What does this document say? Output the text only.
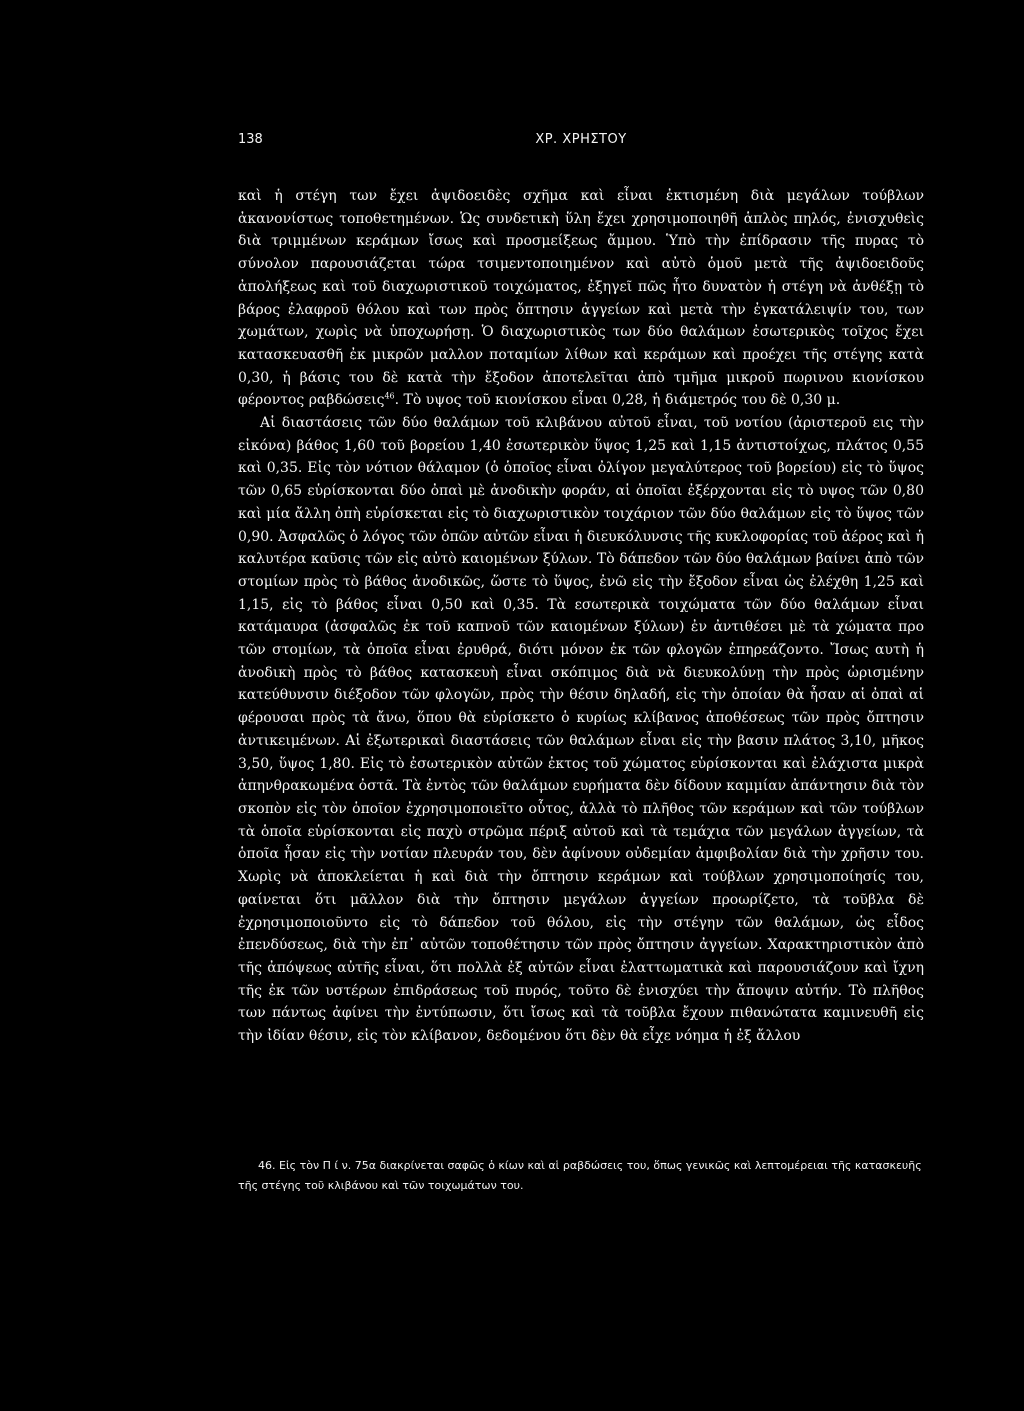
138	ΧΡ. ΧΡΗΣΤΟΥ

καὶ ἡ στέγη των ἔχει ἀψιδοειδὲς σχῆμα καὶ εἶναι ἐκτισμένη διὰ μεγάλων τούβλων ἀκανονίστως τοποθετημένων. Ὡς συνδετικὴ ὕλη ἔχει χρησιμοποιηθῆ ἁπλὸς πηλός, ἐνισχυθεὶς διὰ τριμμένων κεράμων ἴσως καὶ προσμείξεως ἄμμου. Ὑπὸ τὴν ἐπίδρασιν τῆς πυρας τὸ σύνολον παρουσιάζεται τώρα τσιμεντοποιημένον καὶ αὐτὸ ὁμοῦ μετὰ τῆς ἀψιδοειδοῦς ἀπολήξεως καὶ τοῦ διαχωριστικοῦ τοιχώματος, ἐξηγεῖ πῶς ἦτο δυνατὸν ἡ στέγη νὰ ἀνθέξῃ τὸ βάρος ἐλαφροῦ θόλου καὶ των πρὸς ὄπτησιν ἀγγείων καὶ μετὰ τὴν ἐγκατάλειψίν του, των χωμάτων, χωρὶς νὰ ὑποχωρήσῃ. Ὁ διαχωριστικὸς των δύο θαλάμων ἐσωτερικὸς τοῖχος ἔχει κατασκευασθῆ ἐκ μικρῶν μαλλον ποταμίων λίθων καὶ κεράμων καὶ προέχει τῆς στέγης κατὰ 0,30, ἡ βάσις του δὲ κατὰ τὴν ἔξοδον ἀποτελεῖται ἀπὸ τμῆμα μικροῦ πωρινου κιονίσκου φέροντος ραβδώσεις$^{46}$. Τὸ υψος τοῦ κιονίσκου εἶναι 0,28, ἡ διάμετρός του δὲ 0,30 μ.

Αἱ διαστάσεις τῶν δύο θαλάμων τοῦ κλιβάνου αὐτοῦ εἶναι, τοῦ νοτίου (ἀριστεροῦ εις τὴν εἰκόνα) βάθος 1,60 τοῦ βορείου 1,40 ἐσωτερικὸν ὕψος 1,25 καὶ 1,15 ἀντιστοίχως, πλάτος 0,55 καὶ 0,35. Εἰς τὸν νότιον θάλαμον (ὁ ὁποῖος εἶναι ὀλίγον μεγαλύτερος τοῦ βορείου) εἰς τὸ ὕψος τῶν 0,65 εὑρίσκονται δύο ὀπαὶ μὲ ἀνοδικὴν φοράν, αἱ ὁποῖαι ἐξέρχονται εἰς τὸ υψος τῶν 0,80 καὶ μία ἄλλη ὀπὴ εὑρίσκεται εἰς τὸ διαχωριστικὸν τοιχάριον τῶν δύο θαλάμων εἰς τὸ ὕψος τῶν 0,90. Ἀσφαλῶς ὁ λόγος τῶν ὀπῶν αὐτῶν εἶναι ἡ διευκόλυνσις τῆς κυκλοφορίας τοῦ ἀέρος καὶ ἡ καλυτέρα καῦσις τῶν εἰς αὐτὸ καιομένων ξύλων. Τὸ δάπεδον τῶν δύο θαλάμων βαίνει ἀπὸ τῶν στομίων πρὸς τὸ βάθος ἀνοδικῶς, ὥστε τὸ ὕψος, ἐνῶ εἰς τὴν ἔξοδον εἶναι ὡς ἐλέχθη 1,25 καὶ 1,15, εἰς τὸ βάθος εἶναι 0,50 καὶ 0,35. Τὰ εσωτερικὰ τοιχώματα τῶν δύο θαλάμων εἶναι κατάμαυρα (ἀσφαλῶς ἐκ τοῦ καπνοῦ τῶν καιομένων ξύλων) ἐν ἀντιθέσει μὲ τὰ χώματα προ τῶν στομίων, τὰ ὁποῖα εἶναι ἐρυθρά, διότι μόνον ἐκ τῶν φλογῶν ἐπηρεάζοντο. Ἴσως αυτὴ ἡ ἀνοδικὴ πρὸς τὸ βάθος κατασκευὴ εἶναι σκόπιμος διὰ νὰ διευκολύνῃ τὴν πρὸς ὡρισμένην κατεύθυνσιν διέξοδον τῶν φλογῶν, πρὸς τὴν θέσιν δηλαδή, εἰς τὴν ὁποίαν θὰ ἦσαν αἱ ὀπαὶ αἱ φέρουσαι πρὸς τὰ ἄνω, ὅπου θὰ εὑρίσκετο ὁ κυρίως κλίβανος ἀποθέσεως τῶν πρὸς ὄπτησιν ἀντικειμένων. Αἱ ἐξωτερικαὶ διαστάσεις τῶν θαλάμων εἶναι εἰς τὴν βασιν πλάτος 3,10, μῆκος 3,50, ὕψος 1,80. Εἰς τὸ ἐσωτερικὸν αὐτῶν ἐκτος τοῦ χώματος εὑρίσκονται καὶ ἐλάχιστα μικρὰ ἀπηνθρακωμένα ὀστᾶ. Τὰ ἐντὸς τῶν θαλάμων ευρήματα δὲν δίδουν καμμίαν ἀπάντησιν διὰ τὸν σκοπὸν εἰς τὸν ὁποῖον ἐχρησιμοποιεῖτο οὗτος, ἀλλὰ τὸ πλῆθος τῶν κεράμων καὶ τῶν τούβλων τὰ ὁποῖα εὑρίσκονται εἰς παχὺ στρῶμα πέριξ αὐτοῦ καὶ τὰ τεμάχια τῶν μεγάλων ἀγγείων, τὰ ὁποῖα ἦσαν εἰς τὴν νοτίαν πλευράν του, δὲν ἀφίνουν οὐδεμίαν ἀμφιβολίαν διὰ τὴν χρῆσιν του. Χωρὶς νὰ ἀποκλείεται ἡ καὶ διὰ τὴν ὄπτησιν κεράμων καὶ τούβλων χρησιμοποίησίς του, φαίνεται ὅτι μᾶλλον διὰ τὴν ὄπτησιν μεγάλων ἀγγείων προωρίζετο, τὰ τοῦβλα δὲ ἐχρησιμοποιοῦντο εἰς τὸ δάπεδον τοῦ θόλου, εἰς τὴν στέγην τῶν θαλάμων, ὡς εἶδος ἐπενδύσεως, διὰ τὴν ἐπ᾽ αὐτῶν τοποθέτησιν τῶν πρὸς ὄπτησιν ἀγγείων. Χαρακτηριστικὸν ἀπὸ τῆς ἀπόψεως αὐτῆς εἶναι, ὅτι πολλὰ ἐξ αὐτῶν εἶναι ἐλαττωματικὰ καὶ παρουσιάζουν καὶ ἴχνη τῆς ἐκ τῶν υστέρων ἐπιδράσεως τοῦ πυρός, τοῦτο δὲ ἐνισχύει τὴν ἄποψιν αὐτήν. Τὸ πλῆθος των πάντως ἀφίνει τὴν ἐντύπωσιν, ὅτι ἴσως καὶ τὰ τοῦβλα ἔχουν πιθανώτατα καμινευθῆ εἰς τὴν ἰδίαν θέσιν, εἰς τὸν κλίβανον, δεδομένου ὅτι δὲν θὰ εἶχε νόημα ἡ ἐξ ἄλλου

46. Εἰς τὸν Π ί ν. 75α διακρίνεται σαφῶς ὁ κίων καὶ αἱ ραβδώσεις του, ὅπως γενικῶς καὶ λεπτομέρειαι τῆς κατασκευῆς τῆς στέγης τοῦ κλιβάνου καὶ τῶν τοιχωμάτων του.
